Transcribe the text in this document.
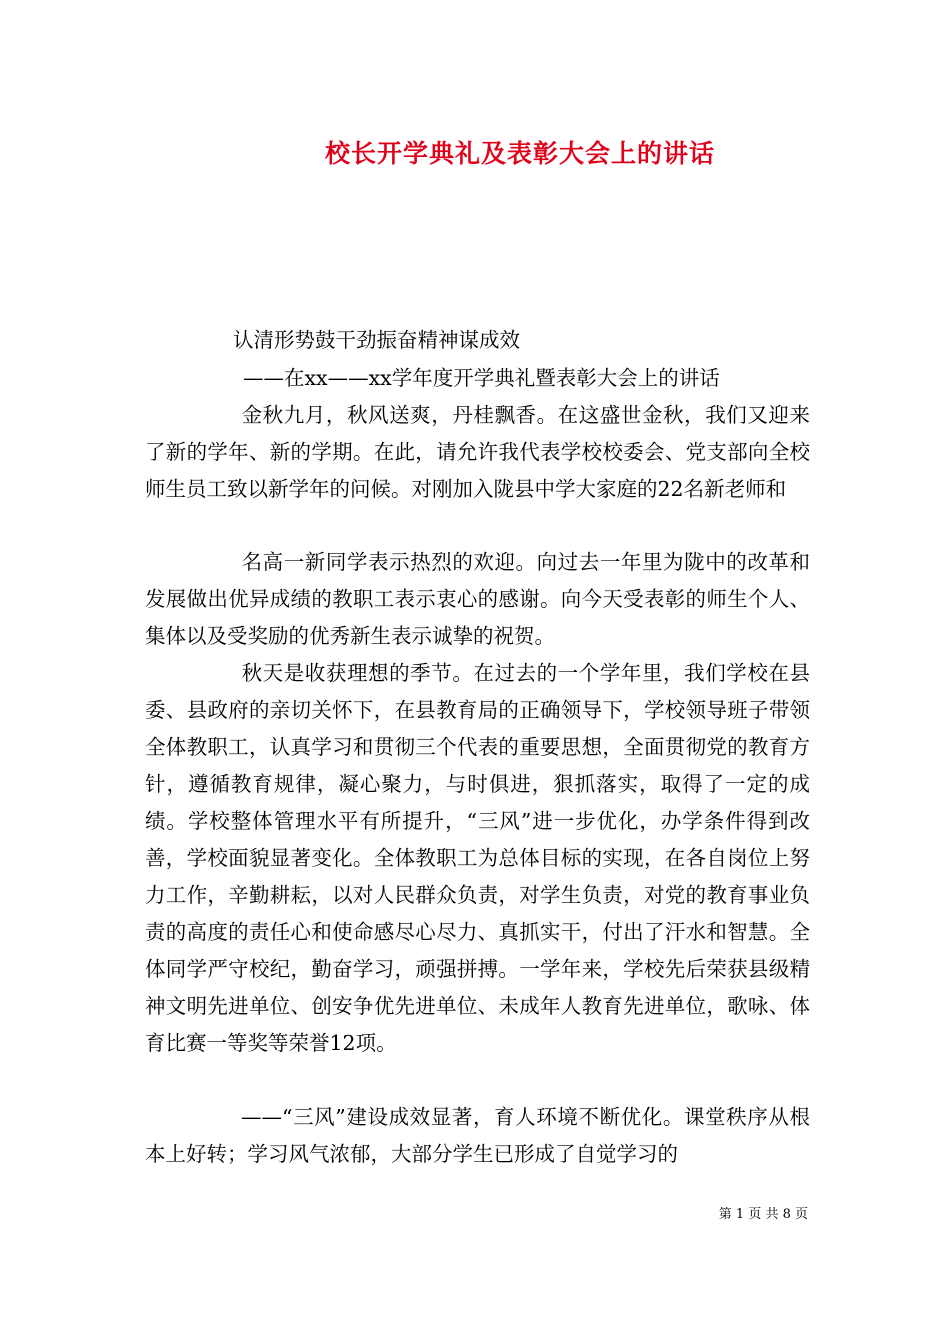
校长开学典礼及表彰大会上的讲话
认清形势鼓干劲振奋精神谋成效
——在xx——xx学年度开学典礼暨表彰大会上的讲话
金秋九月，秋风送爽，丹桂飘香。在这盛世金秋，我们又迎来了新的学年、新的学期。在此，请允许我代表学校校委会、党支部向全校师生员工致以新学年的问候。对刚加入陇县中学大家庭的22名新老师和
名高一新同学表示热烈的欢迎。向过去一年里为陇中的改革和发展做出优异成绩的教职工表示衷心的感谢。向今天受表彰的师生个人、集体以及受奖励的优秀新生表示诚挚的祝贺。
秋天是收获理想的季节。在过去的一个学年里，我们学校在县委、县政府的亲切关怀下，在县教育局的正确领导下，学校领导班子带领全体教职工，认真学习和贯彻三个代表的重要思想，全面贯彻党的教育方针，遵循教育规律，凝心聚力，与时俱进，狠抓落实，取得了一定的成绩。学校整体管理水平有所提升，“三风”进一步优化，办学条件得到改善，学校面貌显著变化。全体教职工为总体目标的实现，在各自岗位上努力工作，辛勤耕耘，以对人民群众负责，对学生负责，对党的教育事业负责的高度的责任心和使命感尽心尽力、真抓实干，付出了汗水和智慧。全体同学严守校纪，勤奋学习，顽强拼搏。一学年来，学校先后荣获县级精神文明先进单位、创安争优先进单位、未成年人教育先进单位，歌咏、体育比赛一等奖等荣誉12项。
——“三风”建设成效显著，育人环境不断优化。课堂秩序从根本上好转；学习风气浓郁，大部分学生已形成了自觉学习的
第 1 页 共 8 页
